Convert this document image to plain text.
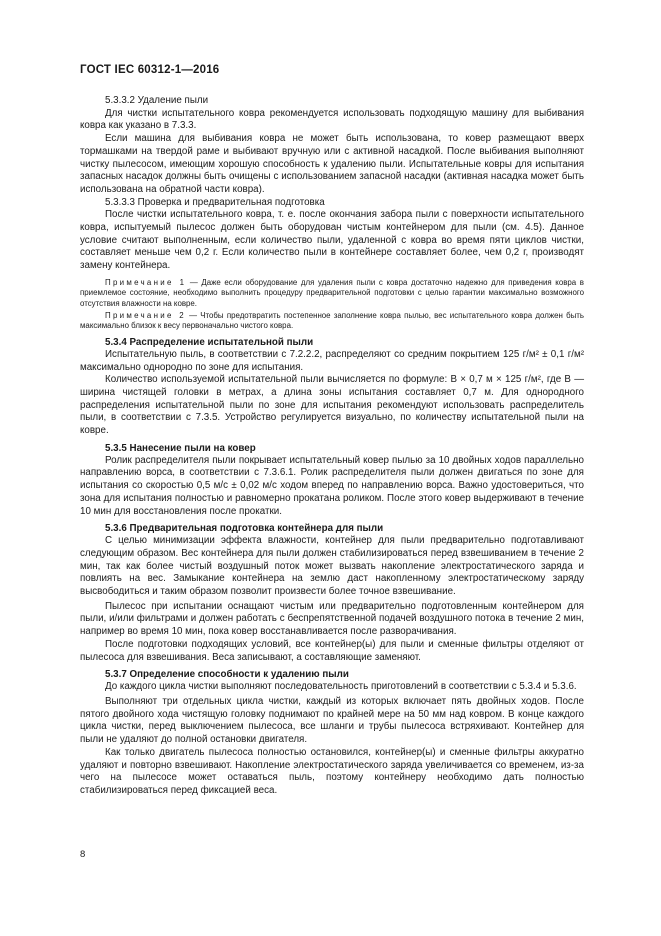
ГОСТ IEC 60312-1—2016

5.3.3.2 Удаление пыли

Для чистки испытательного ковра рекомендуется использовать подходящую машину для выбивания ковра как указано в 7.3.3.

Если машина для выбивания ковра не может быть использована, то ковер размещают вверх тормашками на твердой раме и выбивают вручную или с активной насадкой. После выбивания выполняют чистку пылесосом, имеющим хорошую способность к удалению пыли. Испытательные ковры для испытания запасных насадок должны быть очищены с использованием запасной насадки (активная насадка может быть использована на обратной части ковра).

5.3.3.3 Проверка и предварительная подготовка

После чистки испытательного ковра, т. е. после окончания забора пыли с поверхности испытательного ковра, испытуемый пылесос должен быть оборудован чистым контейнером для пыли (см. 4.5). Данное условие считают выполненным, если количество пыли, удаленной с ковра во время пяти циклов чистки, составляет меньше чем 0,2 г. Если количество пыли в контейнере составляет более, чем 0,2 г, производят замену контейнера.

Примечание 1 — Даже если оборудование для удаления пыли с ковра достаточно надежно для приведения ковра в приемлемое состояние, необходимо выполнить процедуру предварительной подготовки с целью гарантии максимально возможного отсутствия влажности на ковре.

Примечание 2 — Чтобы предотвратить постепенное заполнение ковра пылью, вес испытательного ковра должен быть максимально близок к весу первоначально чистого ковра.

5.3.4 Распределение испытательной пыли

Испытательную пыль, в соответствии с 7.2.2.2, распределяют со средним покрытием 125 г/м² ± 0,1 г/м² максимально однородно по зоне для испытания.

Количество используемой испытательной пыли вычисляется по формуле: В × 0,7 м × 125 г/м², где В — ширина чистящей головки в метрах, а длина зоны испытания составляет 0,7 м. Для однородного распределения испытательной пыли по зоне для испытания рекомендуют использовать распределитель пыли, в соответствии с 7.3.5. Устройство регулируется визуально, по количеству испытательной пыли на ковре.

5.3.5 Нанесение пыли на ковер

Ролик распределителя пыли покрывает испытательный ковер пылью за 10 двойных ходов параллельно направлению ворса, в соответствии с 7.3.6.1. Ролик распределителя пыли должен двигаться по зоне для испытания со скоростью 0,5 м/с ± 0,02 м/с ходом вперед по направлению ворса. Важно удостовериться, что зона для испытания полностью и равномерно прокатана роликом. После этого ковер выдерживают в течение 10 мин для восстановления после прокатки.

5.3.6 Предварительная подготовка контейнера для пыли

С целью минимизации эффекта влажности, контейнер для пыли предварительно подготавливают следующим образом. Вес контейнера для пыли должен стабилизироваться перед взвешиванием в течение 2 мин, так как более чистый воздушный поток может вызвать накопление электростатического заряда и повлиять на вес. Замыкание контейнера на землю даст накопленному электростатическому заряду высвободиться и таким образом позволит произвести более точное взвешивание.

Пылесос при испытании оснащают чистым или предварительно подготовленным контейнером для пыли, и/или фильтрами и должен работать с беспрепятственной подачей воздушного потока в течение 2 мин, например во время 10 мин, пока ковер восстанавливается после разворачивания.

После подготовки подходящих условий, все контейнер(ы) для пыли и сменные фильтры отделяют от пылесоса для взвешивания. Веса записывают, а составляющие заменяют.

5.3.7 Определение способности к удалению пыли

До каждого цикла чистки выполняют последовательность приготовлений в соответствии с 5.3.4 и 5.3.6.

Выполняют три отдельных цикла чистки, каждый из которых включает пять двойных ходов. После пятого двойного хода чистящую головку поднимают по крайней мере на 50 мм над ковром. В конце каждого цикла чистки, перед выключением пылесоса, все шланги и трубы пылесоса встряхивают. Контейнер для пыли не удаляют до полной остановки двигателя.

Как только двигатель пылесоса полностью остановился, контейнер(ы) и сменные фильтры аккуратно удаляют и повторно взвешивают. Накопление электростатического заряда увеличивается со временем, из-за чего на пылесосе может оставаться пыль, поэтому контейнеру необходимо дать полностью стабилизироваться перед фиксацией веса.

8
